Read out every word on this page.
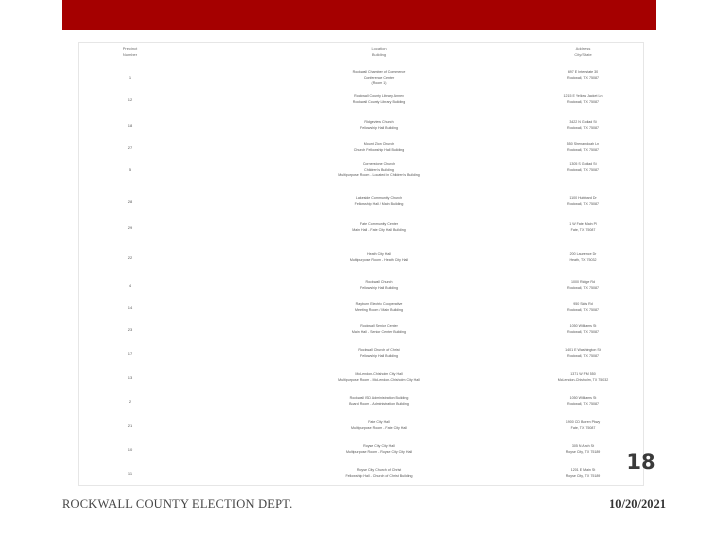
Precinct
Number
Location
Building
Address
City/State
1
Rockwall Chamber of Commerce
Conference Center
(Room 1)
697 E Interstate 30
Rockwall, TX 75087
12
Rockwall County Library Annex
Rockwall County Library Building
1215 E Yellow Jacket Ln
Rockwall, TX 75087
18
Ridgeview Church
Fellowship Hall Building
3422 N Goliad St
Rockwall, TX 75087
27
Mount Zion Church
Church Fellowship Hall Building
550 Shenandoah Ln
Rockwall, TX 75087
5
Cornerstone Church
Children's Building
Multipurpose Room - Located in Children's Building
1305 S Goliad St
Rockwall, TX 75087
28
Lakeside Community Church
Fellowship Hall / Main Building
1100 Hubbard Dr
Rockwall, TX 75087
29
Fate Community Center
Main Hall - Fate City Hall Building
1 W Fate Main Pl
Fate, TX 75087
22
Heath City Hall
Multipurpose Room - Heath City Hall
200 Laurence Dr
Heath, TX 75032
4
Rockwall Church
Fellowship Hall Building
1000 Ridge Rd
Rockwall, TX 75087
14
Rayburn Electric Cooperative
Meeting Room / Main Building
950 Sids Rd
Rockwall, TX 75087
23
Rockwall Senior Center
Main Hall - Senior Center Building
1050 Williams St
Rockwall, TX 75087
17
Rockwall Church of Christ
Fellowship Hall Building
1401 E Washington St
Rockwall, TX 75087
13
McLendon-Chisholm City Hall
Multipurpose Room - McLendon-Chisholm City Hall
1371 W FM 550
McLendon-Chisholm, TX 75032
2
Rockwall ISD Administration Building
Board Room - Administration Building
1050 Williams St
Rockwall, TX 75087
21
Fate City Hall
Multipurpose Room - Fate City Hall
1900 CD Boren Pkwy
Fate, TX 75087
10
Royse City City Hall
Multipurpose Room - Royse City City Hall
305 N Arch St
Royse City, TX 75189
11
Royse City Church of Christ
Fellowship Hall - Church of Christ Building
1201 E Main St
Royse City, TX 75189
18
ROCKWALL COUNTY ELECTION DEPT.	10/20/2021
